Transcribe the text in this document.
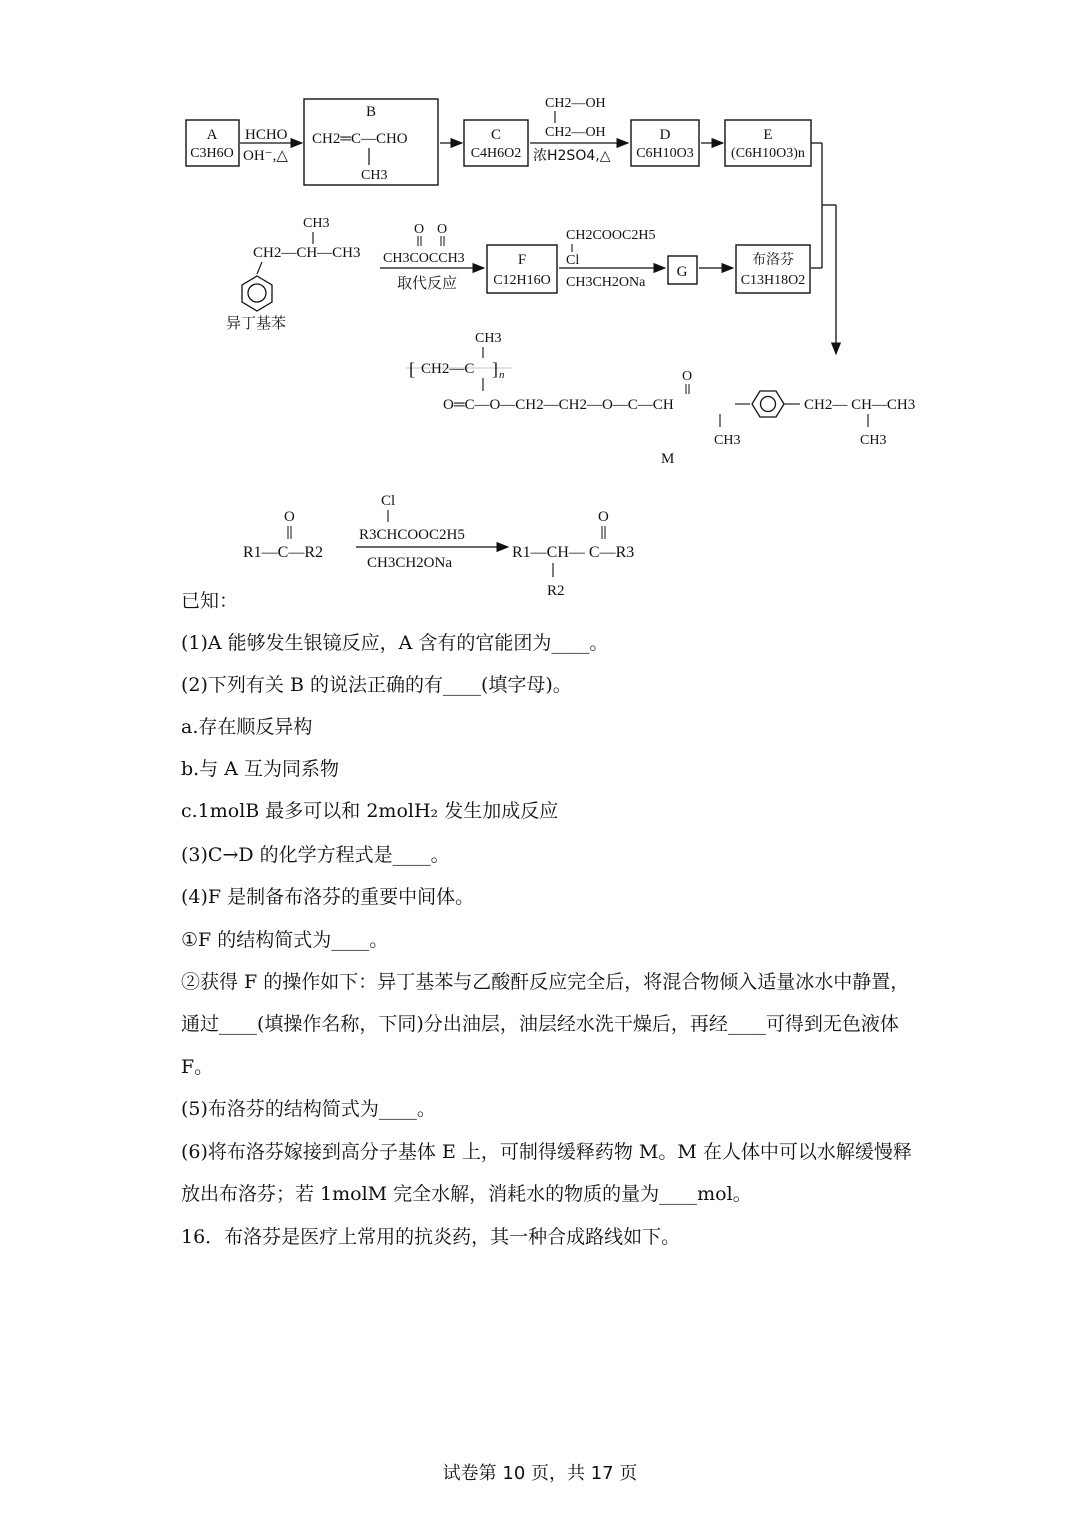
A
C3H6O
HCHO
OH⁻,△
B
CH2═C—CHO
CH3
C
C4H6O2
CH2—OH
CH2—OH
浓H2SO4,△
D
C6H10O3
E
(C6H10O3)n
CH3
CH2—CH—CH3
异丁基苯
O O
CH3COCCH3
取代反应
F
C12H16O
CH2COOC2H5
Cl
CH3CH2ONa
G
布洛芬
C13H18O2
CH3
[ CH2—C ] n
O═C—O—CH2—CH2—O—C—CH
O
CH2— CH—CH3
CH3	CH3
M
O
R1—C—R2
Cl
R3CHCOOC2H5
CH3CH2ONa
O
R1—CH— C—R3
R2
已知：
(1)A 能够发生银镜反应，A 含有的官能团为____。
(2)下列有关 B 的说法正确的有____(填字母)。
a.存在顺反异构
b.与 A 互为同系物
c.1molB 最多可以和 2molH₂ 发生加成反应
(3)C→D 的化学方程式是____。
(4)F 是制备布洛芬的重要中间体。
①F 的结构简式为____。
②获得 F 的操作如下：异丁基苯与乙酸酐反应完全后，将混合物倾入适量冰水中静置，
通过____(填操作名称，下同)分出油层，油层经水洗干燥后，再经____可得到无色液体
F。
(5)布洛芬的结构简式为____。
(6)将布洛芬嫁接到高分子基体 E 上，可制得缓释药物 M。M 在人体中可以水解缓慢释
放出布洛芬；若 1molM 完全水解，消耗水的物质的量为____mol。
16．布洛芬是医疗上常用的抗炎药，其一种合成路线如下。
试卷第 10 页，共 17 页
